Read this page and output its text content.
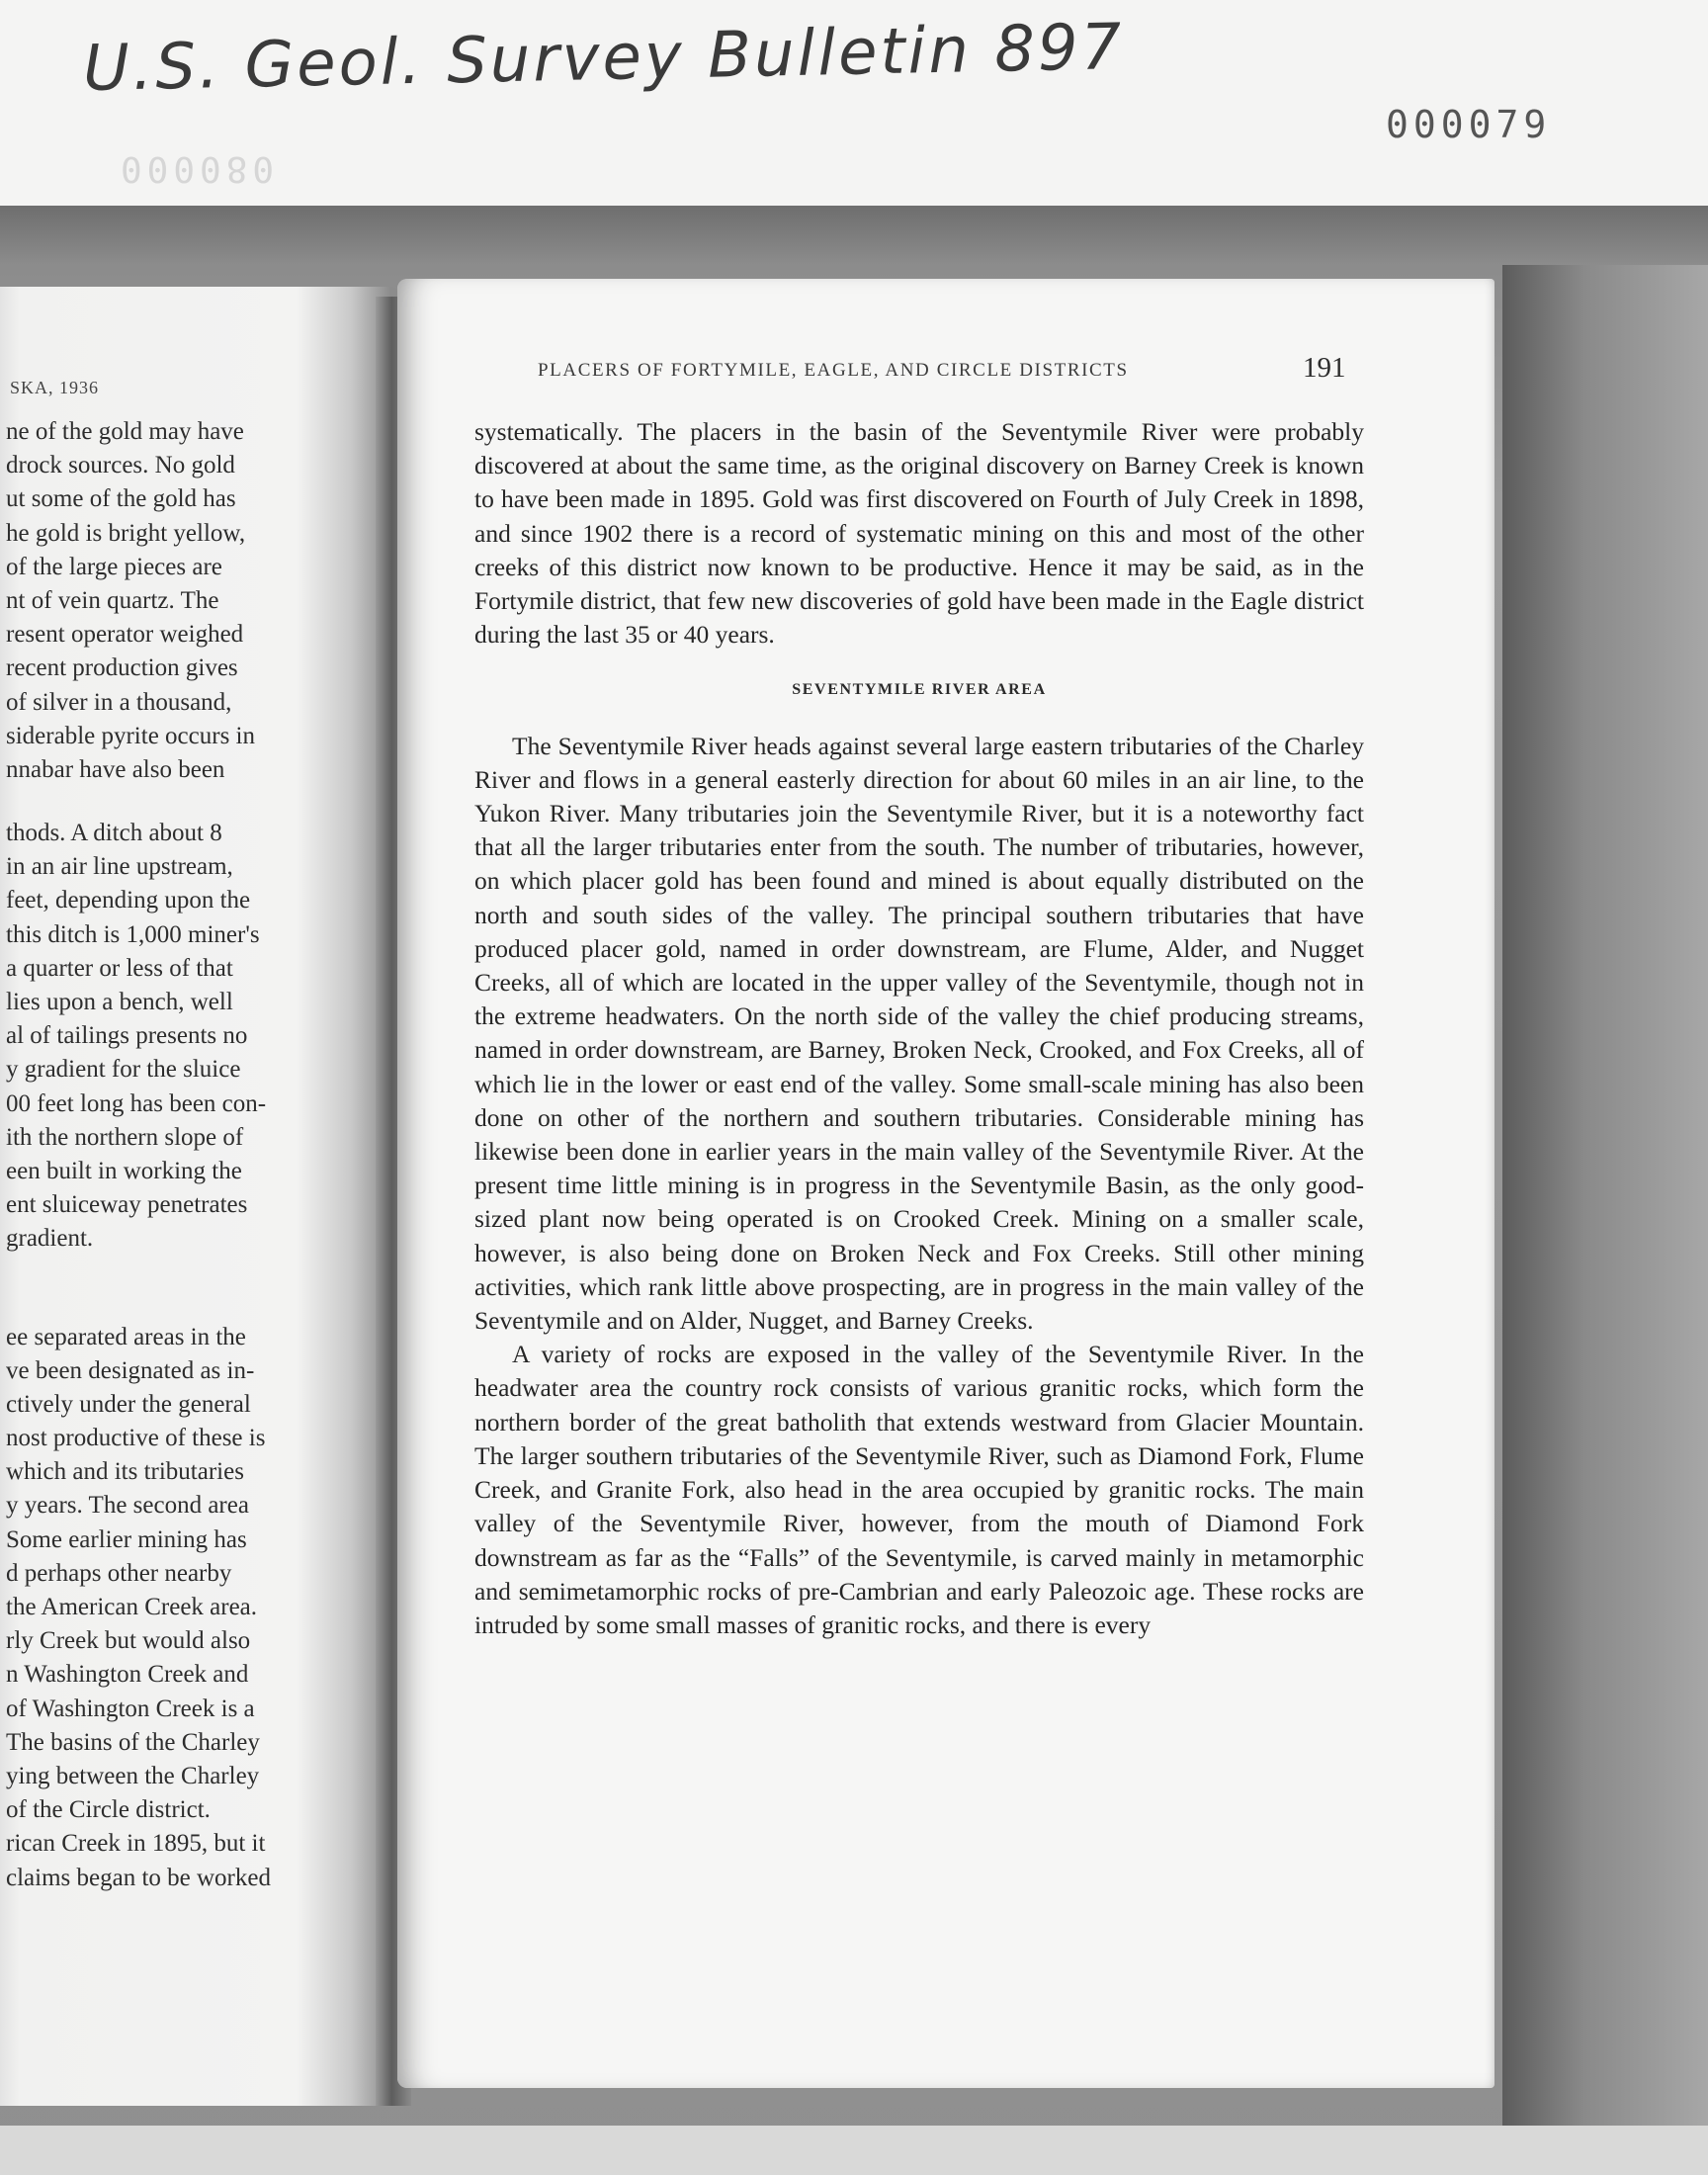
U.S. Geol. Survey Bulletin 897
000080
000079
SKA, 1936
ne of the gold may have
drock sources. No gold
ut some of the gold has
he gold is bright yellow,
of the large pieces are
nt of vein quartz. The
resent operator weighed
recent production gives
of silver in a thousand,
siderable pyrite occurs in
nnabar have also been
thods. A ditch about 8
in an air line upstream,
feet, depending upon the
this ditch is 1,000 miner's
a quarter or less of that
lies upon a bench, well
al of tailings presents no
y gradient for the sluice
00 feet long has been con-
ith the northern slope of
een built in working the
ent sluiceway penetrates
gradient.
ee separated areas in the
ve been designated as in-
ctively under the general
nost productive of these is
which and its tributaries
y years. The second area
Some earlier mining has
d perhaps other nearby
the American Creek area.
rly Creek but would also
n Washington Creek and
of Washington Creek is a
The basins of the Charley
ying between the Charley
of the Circle district.
rican Creek in 1895, but it
claims began to be worked
PLACERS OF FORTYMILE, EAGLE, AND CIRCLE DISTRICTS	191

systematically. The placers in the basin of the Seventymile River were probably discovered at about the same time, as the original discovery on Barney Creek is known to have been made in 1895. Gold was first discovered on Fourth of July Creek in 1898, and since 1902 there is a record of systematic mining on this and most of the other creeks of this district now known to be productive. Hence it may be said, as in the Fortymile district, that few new discoveries of gold have been made in the Eagle district during the last 35 or 40 years.

SEVENTYMILE RIVER AREA

The Seventymile River heads against several large eastern tributaries of the Charley River and flows in a general easterly direction for about 60 miles in an air line, to the Yukon River. Many tributaries join the Seventymile River, but it is a noteworthy fact that all the larger tributaries enter from the south. The number of tributaries, however, on which placer gold has been found and mined is about equally distributed on the north and south sides of the valley. The principal southern tributaries that have produced placer gold, named in order downstream, are Flume, Alder, and Nugget Creeks, all of which are located in the upper valley of the Seventymile, though not in the extreme headwaters. On the north side of the valley the chief producing streams, named in order downstream, are Barney, Broken Neck, Crooked, and Fox Creeks, all of which lie in the lower or east end of the valley. Some small-scale mining has also been done on other of the northern and southern tributaries. Considerable mining has likewise been done in earlier years in the main valley of the Seventymile River. At the present time little mining is in progress in the Seventymile Basin, as the only good-sized plant now being operated is on Crooked Creek. Mining on a smaller scale, however, is also being done on Broken Neck and Fox Creeks. Still other mining activities, which rank little above prospecting, are in progress in the main valley of the Seventymile and on Alder, Nugget, and Barney Creeks.

A variety of rocks are exposed in the valley of the Seventymile River. In the headwater area the country rock consists of various granitic rocks, which form the northern border of the great batholith that extends westward from Glacier Mountain. The larger southern tributaries of the Seventymile River, such as Diamond Fork, Flume Creek, and Granite Fork, also head in the area occupied by granitic rocks. The main valley of the Seventymile River, however, from the mouth of Diamond Fork downstream as far as the “Falls” of the Seventymile, is carved mainly in metamorphic and semimetamorphic rocks of pre-Cambrian and early Paleozoic age. These rocks are intruded by some small masses of granitic rocks, and there is every
